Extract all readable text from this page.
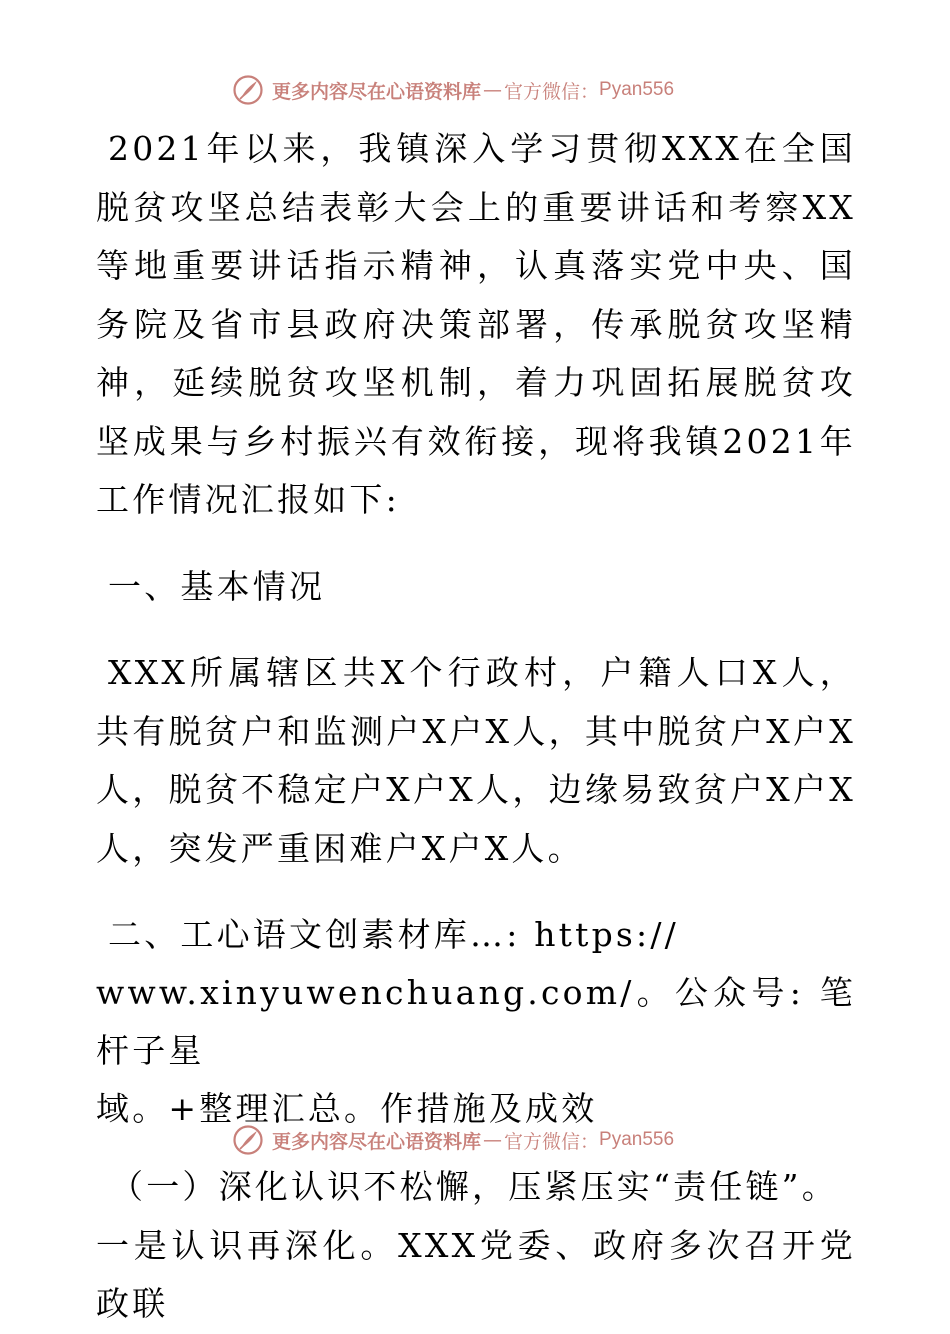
更多内容尽在心语资料库 — 官方微信： Pyan556

2021年以来，我镇深入学习贯彻XXX在全国脱贫攻坚总结表彰大会上的重要讲话和考察XX等地重要讲话指示精神，认真落实党中央、国务院及省市县政府决策部署，传承脱贫攻坚精神，延续脱贫攻坚机制，着力巩固拓展脱贫攻坚成果与乡村振兴有效衔接，现将我镇2021年工作情况汇报如下:

一、基本情况

XXX所属辖区共X个行政村，户籍人口X人，共有脱贫户和监测户X户X人，其中脱贫户X户X人，脱贫不稳定户X户X人，边缘易致贫户X户X人，突发严重困难户X户X人。

二、工心语文创素材库…: https://

www.xinyuwenchuang.com/。公众号: 笔杆子星

域。+整理汇总。作措施及成效

（一）深化认识不松懈，压紧压实“责任链”。

一是认识再深化。XXX党委、政府多次召开党政联

更多内容尽在心语资料库 — 官方微信： Pyan556
